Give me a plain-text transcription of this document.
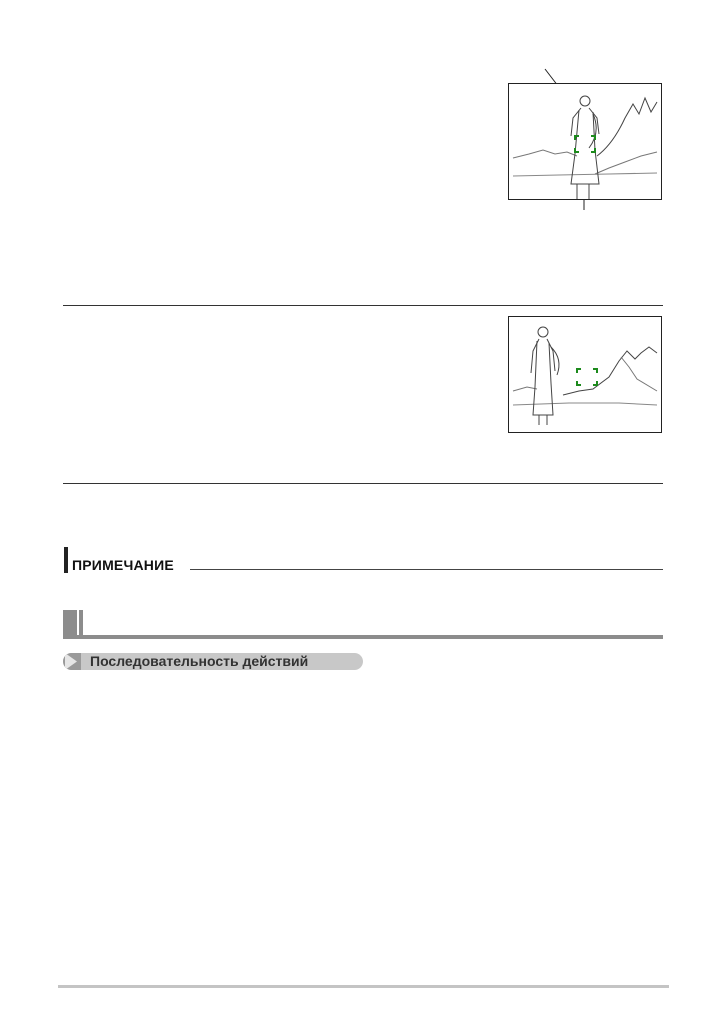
ПРИМЕЧАНИЕ
Последовательность действий
